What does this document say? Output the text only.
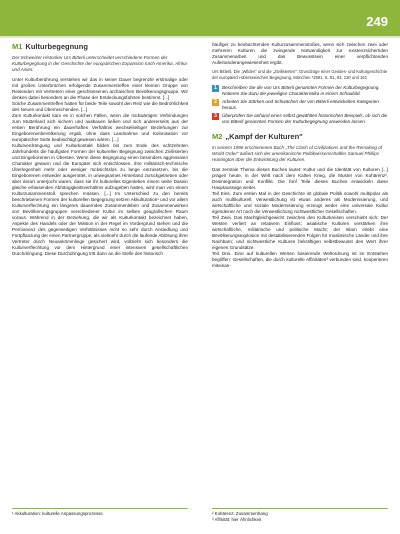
249
M1 Kulturbegegnung

Der Schweizer Historiker Urs Bitterli unterscheidet verschiedene Formen der Kulturbegegnung in der Geschichte der europäischen Expansion nach Amerika, Afrika und Asien:

Unter Kulturberührung verstehen wir das in seiner Dauer begrenzte erstmalige oder mit großen Unterbrüchen erfolgende Zusammentreffen einer kleinen Gruppe von Reisenden mit Vertretern einer geschlossenen archaischen Bevölkerungsgruppe. Wir denken dabei besonders an die Phase der Entdeckungsfahrten bestimmt. [...]

Solche Zusammentreffen hatten für beide Teile sowohl den Reiz wie die Bedrohlichkeit des Neuen und Überraschenden. [...]

Zum Kulturkontakt kam es in solchen Fällen, wenn die rückwärtigen Verbindungen zum Mutterland sich sichern und ausbauen ließen und sich andererseits aus der ersten Berührung ein dauerhaftes Verhältnis wechselseitiger Beziehungen zur Eingeborenenbevölkerung ergab, ohne dass Landnahme und Kolonisation vor europäischer Seite beabsichtigt gewesen wären. [...]

Kulturverdrängung und Kulturkontakt bilden bis zum Ende des achtzehnten Jahrhunderts die häufigsten Formen der kulturellen Begegnung zwischen Zivilisierten und Eingeborenen in Übersee. Wenn diese Begegnung einen besonders aggressiven Charakter gewann und die Europäer sich entschlossen, ihre militärisch-technische Überlegenheit mehr oder weniger rücksichtslos zu lange einzusetzen, bis die Eingeborenen entweder ausgerottet, in unwegsames Hinterland zurückgetrieben oder aber derart unterjocht waren, dass sie ihr kulturelles Eigenleben einem weite Dasein gleiche erfassenden Abhängigkeitsverhältnis aufzugeben hatten, wird man von einem Kulturzusammenstoß sprechen müssen. [...] Im Unterschied zu den bereits beschriebenen Formen der kulturellen Begegnung setzen Akkulturation¹ und vor allem Kulturverflechtung ein längeres dauerndes Zusammenleben und Zusammenwirken von Bevölkerungsgruppen verschiedener Kultur im selben geografischen Raum voraus. Während in der Beziehung, die wir als Kulturkontakt bezeichnet haben, Aspekte des Handels oder der Mission in der Regel im Vordergrund stehen und die Permanenz des gegenseitigen Verhältnisses nicht so sehr durch Ansiedlung und Fortpflanzung der einen Partnergruppe, als vielmehr durch die laufende Ablösung ihrer Vertreter durch Neuankömmlinge gesichert wird, vollzieht sich besonders die Kulturverflechtung vor dem Hintergrund einer intensiven gesellschaftlichen Durchdringung. Diese Durchdringung tritt dann an die Stelle des historisch

häufiger zu beobachtenden Kulturzusammenstoßes, wenn sich zwischen zwei oder mehreren Kulturen die zwingende Notwendigkeit zur existenzsichernden Zusammenarbeit und das Bewusstsein einer verpflichtenden Aufeinanderangewiesenheit ergibt.

Urs Bitterli, Die „Wilden" und die „Zivilisierten": Grundzüge einer Geistes- und Kulturgeschichte der europäisch-überseeischen Begegnung, München ³1991, S. 81, 93, 130 und 161

1	Beschreiben Sie die von Urs Bitterli genannten Formen der Kulturbegegnung. Notieren Sie dazu die jeweiligen Charakteristika in einem Schaubild.
2	Arbeiten Sie Stärken und Schwächen der von Bitterli entwickelten Kategorien heraus.
3	Überprüfen Sie anhand eines selbst gewählten historischen Beispiels, ob sich die von Bitterli genannten Formen der Kulturbegegnung anwenden lassen.
M2 „Kampf der Kulturen"

In seinem 1996 erschienenen Buch „The Clash of Civilizations and the Remaking of World Order" äußert sich der amerikanische Politikwissenschaftler Samuel Phillips Huntington über die Entwicklung der Kulturen.

Das zentrale Thema dieses Buches lautet: Kultur und die Identität von Kulturen [...] prägen heute, in der Welt nach dem Kalten Krieg, die Muster von Kohärenz², Desintegration und Konflikt. Die fünf Teile dieses Buches entwickeln diese Hauptaussage weiter.

Teil Eins. Zum ersten Mal in der Geschichte ist globale Politik sowohl multipolar als auch multikulturell; Verwestlichung ist etwas anderes als Modernisierung, und wirtschaftliche und soziale Modernisierung erzeugt weder eine universale Kultur irgendeiner Art noch die Verwestlichung nichtwestlicher Gesellschaften.

Teil Zwei. Das Machtgleichgewicht zwischen den Kulturkreisen verschiebt sich: Der Westen verliert an relativem Einfluss; asiatische Kulturen verstärken ihre wirtschaftliche, militärische und politische Macht; der Islam erlebt eine Bevölkerungsexplosion mit destabilisierenden Folgen für muslimische Länder und ihre Nachbarn; und nichtwestliche Kulturen bekräftigen selbstbewusst den Wert ihrer eigenen Grundsätze.

Teil Drei. Eine auf kulturellen Werten basierende Weltordnung ist im Entstehen begriffen: Gesellschaften, die durch kulturelle Affinitäten³ verbunden sind, kooperieren miteinan-

¹ Akkulturation: kulturelle Anpassungsprozesse	² Kohärenz: Zusammenhang
³ Affinität: hier Ähnlichkeit
